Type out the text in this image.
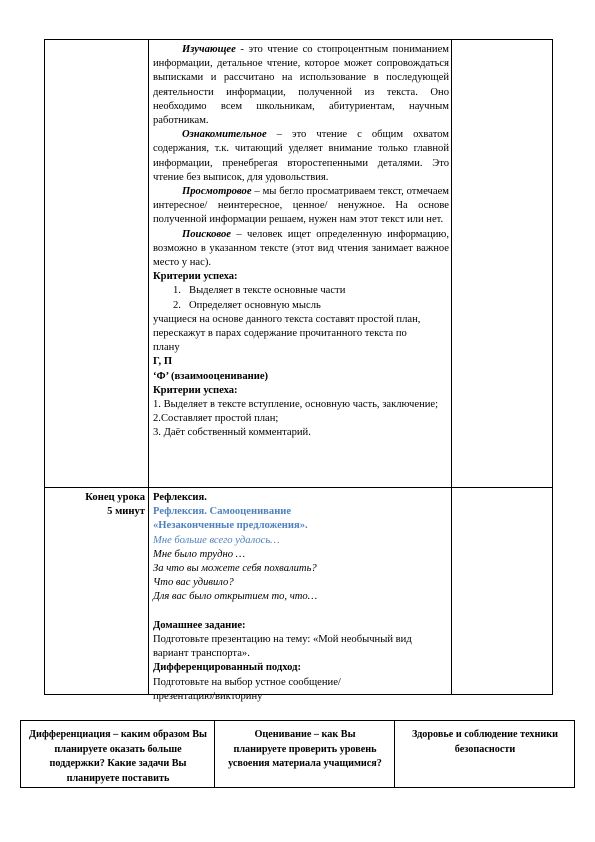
Изучающее - это чтение со стопроцентным пониманием информации, детальное чтение, которое может сопровождаться выписками и рассчитано на использование в последующей деятельности информации, полученной из текста. Оно необходимо всем школьникам, абитуриентам, научным работникам.

Ознакомительное – это чтение с общим охватом содержания, т.к. читающий уделяет внимание только главной информации, пренебрегая второстепенными деталями. Это чтение без выписок, для удовольствия.

Просмотровое – мы бегло просматриваем текст, отмечаем интересное/ неинтересное, ценное/ ненужное. На основе полученной информации решаем, нужен нам этот текст или нет.

Поисковое – человек ищет определенную информацию, возможно в указанном тексте (этот вид чтения занимает важное место у нас).

Критерии успеха:

1. Выделяет в тексте основные части
2. Определяет основную мысль

учащиеся на основе данного текста составят простой план, перескажут в парах содержание прочитанного текста по плану

Г, П

‘Ф’ (взаимооценивание)

Критерии успеха:

1. Выделяет в тексте вступление, основную часть, заключение;

2.Составляет простой план;

3. Даёт собственный комментарий.

Конец урока

5 минут

Рефлексия.

Рефлексия. Самооценивание

«Незаконченные предложения».

Мне больше всего удалось…

Мне было трудно …

За что вы можете себя похвалить?

Что вас удивило?

Для вас было открытием то, что…

Домашнее задание:

Подготовьте презентацию на тему: «Мой необычный вид вариант транспорта».

Дифференцированный подход:

Подготовьте на выбор устное сообщение/презентацию/викторину

Дифференциация – каким образом Вы планируете оказать больше поддержки? Какие задачи Вы планируете поставить
Оценивание – как Вы планируете проверить уровень усвоения материала учащимися?
Здоровье и соблюдение техники безопасности
